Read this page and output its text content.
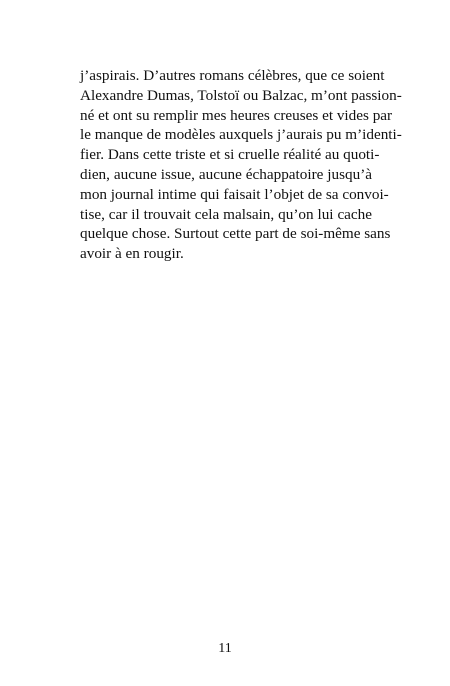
j’aspirais. D’autres romans célèbres, que ce soient
Alexandre Dumas, Tolstoï ou Balzac, m’ont passion-
né et ont su remplir mes heures creuses et vides par
le manque de modèles auxquels j’aurais pu m’identi-
fier. Dans cette triste et si cruelle réalité au quoti-
dien, aucune issue, aucune échappatoire jusqu’à
mon journal intime qui faisait l’objet de sa convoi-
tise, car il trouvait cela malsain, qu’on lui cache
quelque chose. Surtout cette part de soi-même sans
avoir à en rougir.
11
